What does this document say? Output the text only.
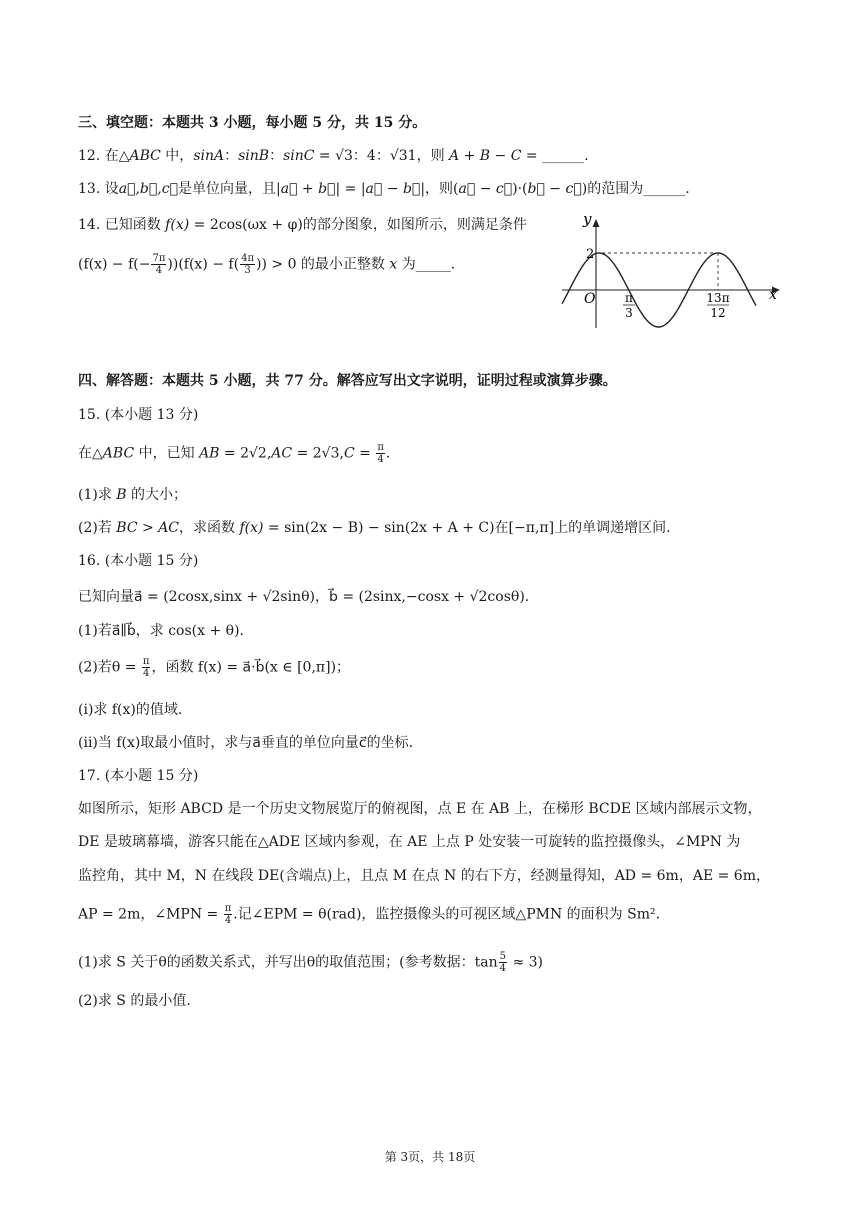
三、填空题：本题共 3 小题，每小题 5 分，共 15 分。
12. 在△ABC 中，sinA：sinB：sinC = √3：4：√31，则 A + B − C = ______.
13. 设a⃗,b⃗,c⃗是单位向量，且|a⃗ + b⃗| = |a⃗ − b⃗|，则(a⃗ − c⃗)·(b⃗ − c⃗)的范围为______.
14. 已知函数 f(x) = 2cos(ωx + φ)的部分图象，如图所示，则满足条件
$(f(x) - f(- \frac{7\pi}{4} ))(f(x) - f( \frac{4\pi}{3}$ )) > 0 的最小正整数 x 为_____.
y
x
O
2
π
3
13π
12
四、解答题：本题共 5 小题，共 77 分。解答应写出文字说明，证明过程或演算步骤。
15. (本小题 13 分)
在△ABC 中，已知 AB = $2√2,AC = 2√3,C = \frac{\pi}{4}$ .
(1)求 B 的大小；
(2)若 BC > AC，求函数 f(x) = sin(2x − B) − sin(2x + A + C)在[−π,π]上的单调递增区间.
16. (本小题 15 分)
已知向量a⃗ = (2cosx,sinx + √2sinθ)，b⃗ = (2sinx,−cosx + √2cosθ).
(1)若a⃗∥b⃗，求 cos(x + θ).
(2)若$\theta = \frac{\pi}{4}$ ，函数 f(x) = a⃗·b⃗(x ∈ [0,π])；
(ⅰ)求 f(x)的值域.
(ⅱ)当 f(x)取最小值时，求与a⃗垂直的单位向量c⃗的坐标.
17. (本小题 15 分)
如图所示，矩形 ABCD 是一个历史文物展览厅的俯视图，点 E 在 AB 上，在梯形 BCDE 区域内部展示文物，
DE 是玻璃幕墙，游客只能在△ADE 区域内参观，在 AE 上点 P 处安装一可旋转的监控摄像头，∠MPN 为
监控角，其中 M，N 在线段 DE(含端点)上，且点 M 在点 N 的右下方，经测量得知，AD = 6m，AE = 6m，
AP = 2m，∠MPN = $\frac{\pi}{4}$ .记∠EPM = θ(rad)，监控摄像头的可视区域△PMN 的面积为 Sm².
(1)求 S 关于θ的函数关系式，并写出θ的取值范围；(参考数据：$\tan \frac{5}{4} \approx 3$)
(2)求 S 的最小值.
第 3页，共 18页
